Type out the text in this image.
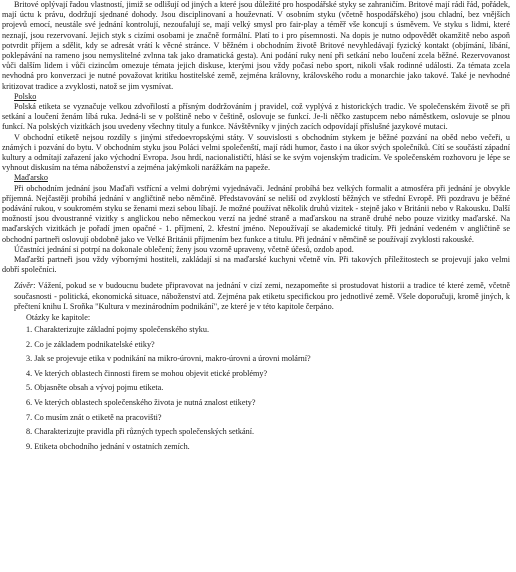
Britové oplývají řadou vlastností, jimiž se odlišují od jiných a které jsou důležité pro hospodářské styky se zahraničím. Britové mají rádi řád, pořádek, mají úctu k právu, dodržují sjednané dohody. Jsou disciplinovaní a houževnatí. V osobním styku (včetně hospodářského) jsou chladní, bez vnějších projevů emocí, neustále své jednání kontrolují, nezoufalují se, mají velký smysl pro fair-play a téměř vše koncují s úsměvem. Ve styku s lidmi, které neznají, jsou rezervovaní. Jejich styk s cizími osobami je značně formální. Platí to i pro písemnosti. Na dopis je nutno odpovědět okamžitě nebo aspoň potvrdit příjem a sdělit, kdy se adresát vrátí k věcné stránce. V běžném i obchodním životě Britové nevyhledávají fyzický kontakt (objímání, líbání, poklepávání na rameno jsou nemyslitelné zvlnna tak jako dramatická gesta). Ani podání ruky není při setkání nebo loučení zcela běžné. Rezervovanost vůči dalším lidem i vůči cizincům omezuje témata jejich diskuse, kterými jsou vždy počasí nebo sport, nikoli však rodinné události. Za témata zcela nevhodná pro konverzaci je nutné považovat kritiku hostitelské země, zejména královny, královského rodu a monarchie jako takové. Také je nevhodné kritizovat tradice a zvyklosti, natož se jim vysmívat.

Polsko

Polská etiketa se vyznačuje velkou zdvořilostí a přísným dodržováním j pravidel, což vyplývá z historických tradic. Ve společenském životě se při setkání a loučení ženám líbá ruka. Jedná-li se v polštině nebo v češtině, oslovuje se funkcí. Je-li něčko zastupcem nebo náměstkem, oslovuje se plnou funkcí. Na polských vizitkách jsou uvedeny všechny tituly a funkce. Návštěvníky v jiných zacích odpovídají příslušné jazykové mutaci.

V obchodní etiketě nejsou rozdíly s jinými středoevropskými státy. V souvislosti s obchodním stykem je běžné pozvání na oběd nebo večeři, u známých i pozvání do bytu. V obchodním styku jsou Poláci velmi společenští, mají rádi humor, často i na úkor svých společníků. Cítí se součástí západní kultury a odmítají zařazení jako východní Evropa. Jsou hrdí, nacionalističtí, hlásí se ke svým vojenským tradicím. Ve společenském rozhovoru je lépe se vyhnout diskusím na téma náboženství a zejména jakýmkoli narážkám na papeže.

Maďarsko

Při obchodním jednání jsou Maďaři vstřícní a velmi dobrými vyjednávači. Jednání probíhá bez velkých formalit a atmosféra při jednání je obvykle příjemná. Nejčastěji probíhá jednání v angličtině nebo němčině. Představování se neliší od zvyklostí běžných ve střední Evropě. Při pozdravu je běžné podávání rukou, v soukromém styku se ženami mezi sebou líbají. Je možné používat několik druhů vizitek - stejně jako v Británii nebo v Rakousku. Další možností jsou dvoustranné vizitky s anglickou nebo německou verzí na jedné straně a maďarskou na straně druhé nebo pouze vizitky maďarské. Na maďarských vizitkách je pořadí jmen opačné - 1. příjmení, 2. křestní jméno. Nepoužívají se akademické tituly. Při jednání vedeném v angličtině se obchodní partneři oslovují obdobně jako ve Velké Británii příjmením bez funkce a titulu. Při jednání v němčině se používají zvyklosti rakouské.

Účastníci jednání si potrpí na dokonale oblečení; ženy jsou vzorně upraveny, včetně účesů, ozdob apod.

Maďarští partneři jsou vždy výbornými hostiteli, zakládají si na maďarské kuchyni včetně vín. Při takových příležitostech se projevují jako velmi dobří společníci.

Závěr: Vážení, pokud se v budoucnu budete připravovat na jednání v cizí zemi, nezapomeňte si prostudovat historii a tradice té které země, včetně současnosti - politická, ekonomická situace, náboženství atd. Zejména pak etiketu specifickou pro jednotlivé země. Všele doporučuji, kromě jiných, k přečtení knihu I. Sroňka "Kultura v mezinárodním podnikání", ze které je v této kapitole čerpáno.

Otázky ke kapitole:
1. Charakterizujte základní pojmy společenského styku.
2. Co je základem podnikatelské etiky?
3. Jak se projevuje etika v podnikání na mikro-úrovni, makro-úrovni a úrovni molární?
4. Ve kterých oblastech činnosti firem se mohou objevit etické problémy?
5. Objasněte obsah a vývoj pojmu etiketa.
6. Ve kterých oblastech společenského života je nutná znalost etikety?
7. Co musím znát o etiketě na pracovišti?
8. Charakterizujte pravidla při různých typech společenských setkání.
9. Etiketa obchodního jednání v ostatních zemích.
